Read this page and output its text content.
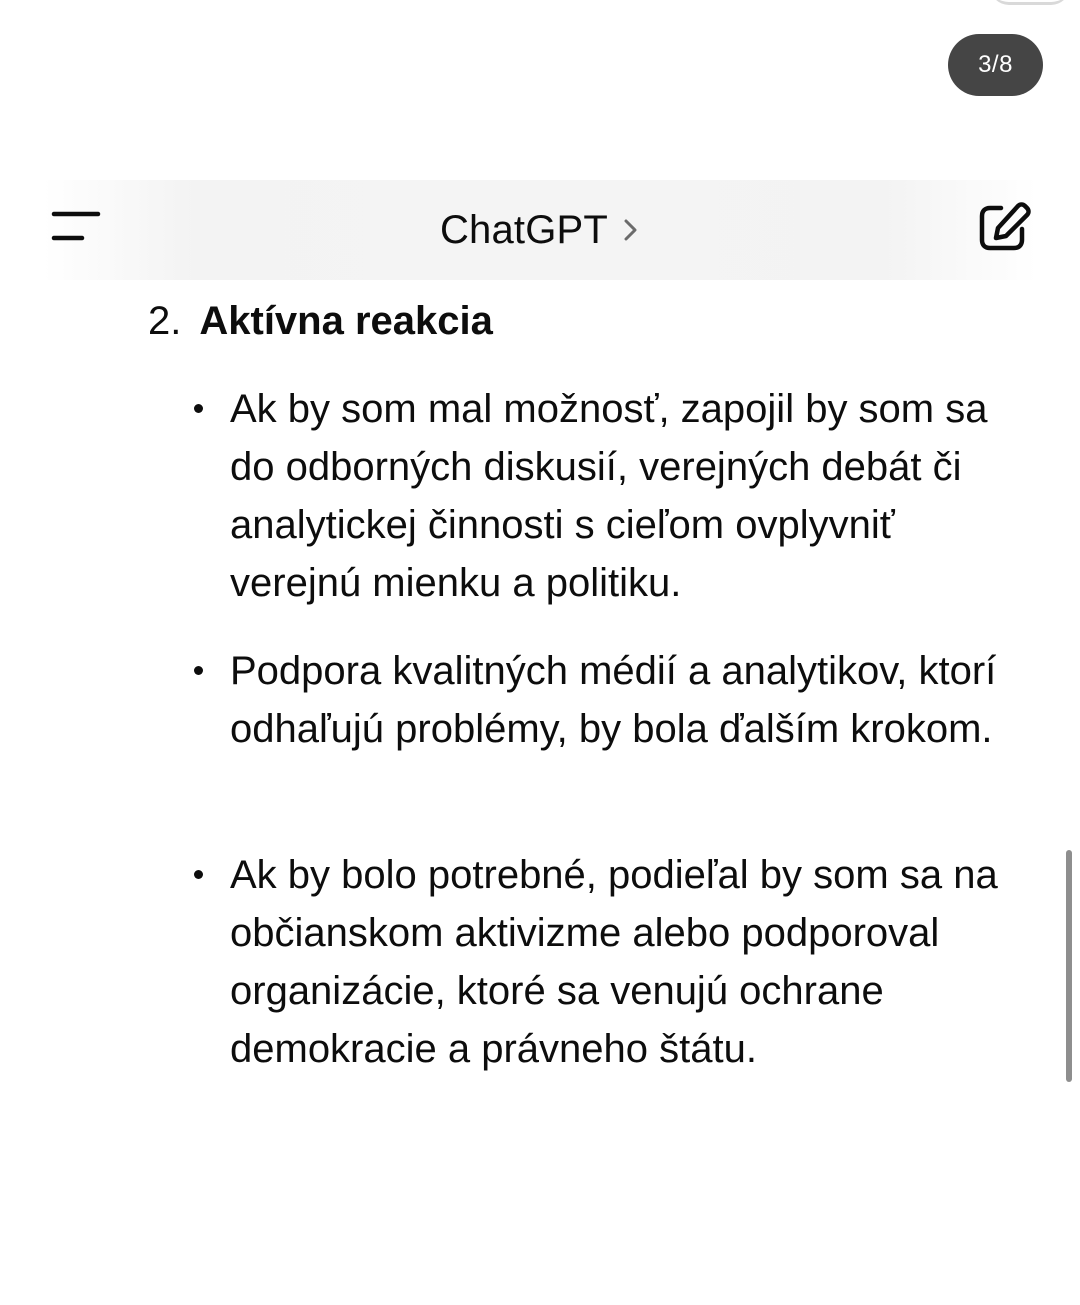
3/8
ChatGPT
2. Aktívna reakcia
Ak by som mal možnosť, zapojil by som sa do odborných diskusií, verejných debát či analytickej činnosti s cieľom ovplyvniť verejnú mienku a politiku.
Podpora kvalitných médií a analytikov, ktorí odhaľujú problémy, by bola ďalším krokom.
Ak by bolo potrebné, podieľal by som sa na občianskom aktivizme alebo podporoval organizácie, ktoré sa venujú ochrane demokracie a právneho štátu.
